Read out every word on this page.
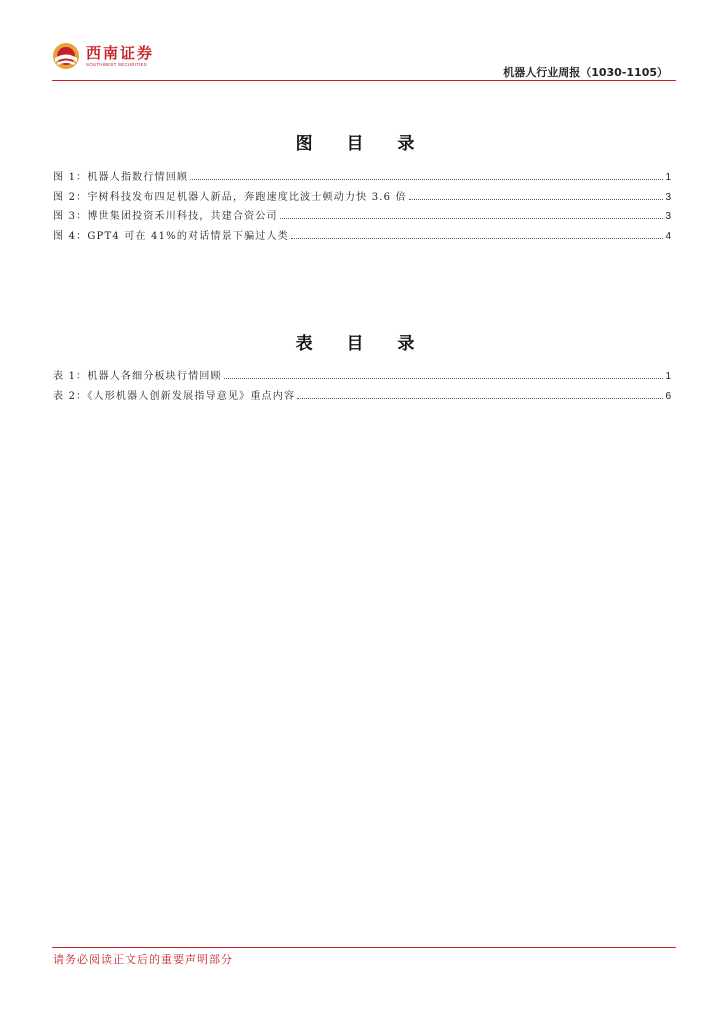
西南证券
SOUTHWEST SECURITIES
机器人行业周报（1030-1105）
图 目 录
图 1：机器人指数行情回顾	1
图 2：宇树科技发布四足机器人新品，奔跑速度比波士顿动力快 3.6 倍	3
图 3：博世集团投资禾川科技，共建合资公司	3
图 4：GPT4 可在 41%的对话情景下骗过人类	4
表 目 录
表 1：机器人各细分板块行情回顾	1
表 2：《人形机器人创新发展指导意见》重点内容	6
请务必阅读正文后的重要声明部分
